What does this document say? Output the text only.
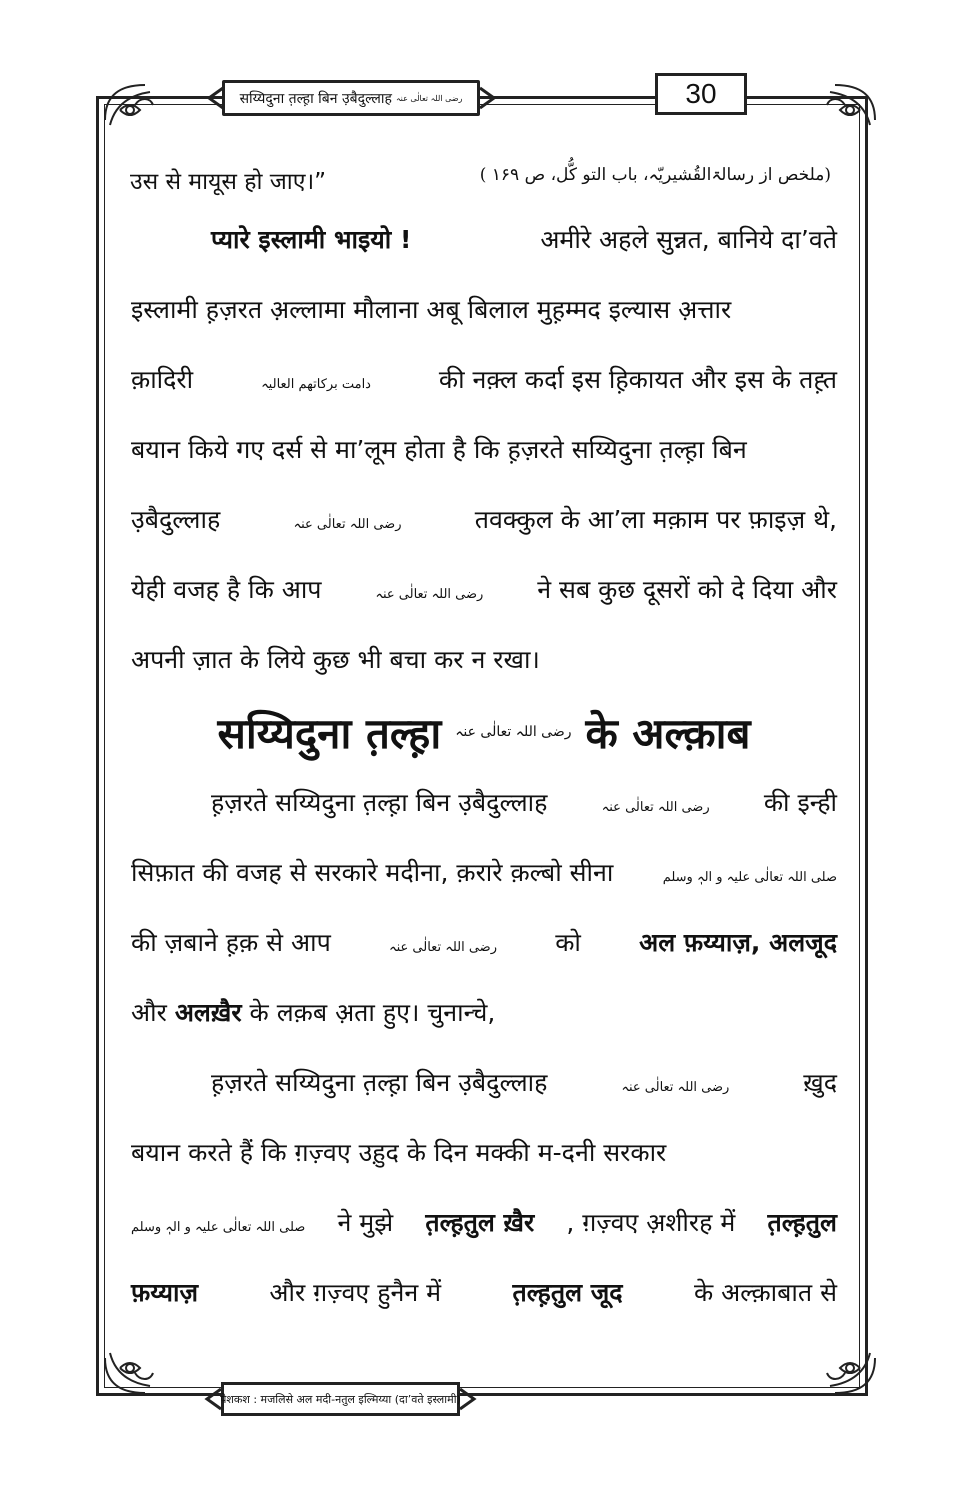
सय्यिदुना त़ल्ह़ा बिन उ़बैदुल्लाह رضی اللہ تعالٰی عنہ	30
उस से मायूस हो जाए।”	(ملخص از رسالۃالقُشیریّہ، باب التو کُّل، ص ۱۶۹ )
प्यारे इस्लामी भाइयो !	अमीरे अहले सुन्नत, बानिये दा’वते
इस्लामी ह़ज़रत अ़ल्लामा मौलाना अबू बिलाल मुह़म्मद इल्यास अ़त्तार
क़ादिरी	دامت برکاتھم العالیہ	की नक़्ल कर्दा इस ह़िकायत और इस के तह़्त
बयान किये गए दर्स से मा’लूम होता है कि ह़ज़रते सय्यिदुना त़ल्ह़ा बिन
उ़बैदुल्लाह	رضی اللہ تعالٰی عنہ	तवक्कुल के आ’ला मक़ाम पर फ़ाइज़ थे,
येही वजह है कि आप	رضی اللہ تعالٰی عنہ ने सब कुछ दूसरों को दे दिया और
अपनी ज़ात के लिये कुछ भी बचा कर न रखा।
सय्यिदुना त़ल्ह़ा رضی اللہ تعالٰی عنہ के अल्क़ाब
ह़ज़रते सय्यिदुना त़ल्ह़ा बिन उ़बैदुल्लाह	رضی اللہ تعالٰی عنہ की इन्ही
सिफ़ात की वजह से सरकारे मदीना, क़रारे क़ल्बो सीना	صلی اللہ تعالٰی علیہ و الہٖ وسلم
की ज़बाने ह़क़ से आप	رضی اللہ تعالٰی عنہ को अल फ़य्याज़, अलजूद
और अलख़ैर के लक़ब अ़ता हुए। चुनान्चे,
ह़ज़रते सय्यिदुना त़ल्ह़ा बिन उ़बैदुल्लाह	رضی اللہ تعالٰی عنہ	ख़ुद
बयान करते हैं कि ग़ज़्वए उह़ुद के दिन मक्की म-दनी सरकार
صلی اللہ تعالٰی علیہ و الہٖ وسلم ने मुझे त़ल्ह़तुल ख़ैर , ग़ज़्वए अ़शीरह में त़ल्ह़तुल
फ़य्याज़	और ग़ज़्वए हुनैन में	त़ल्ह़तुल जूद	के अल्क़ाबात से
पेशकश : मजलिसे अल मदी-नतुल इल्मिय्या (दा’वते इस्लामी)
